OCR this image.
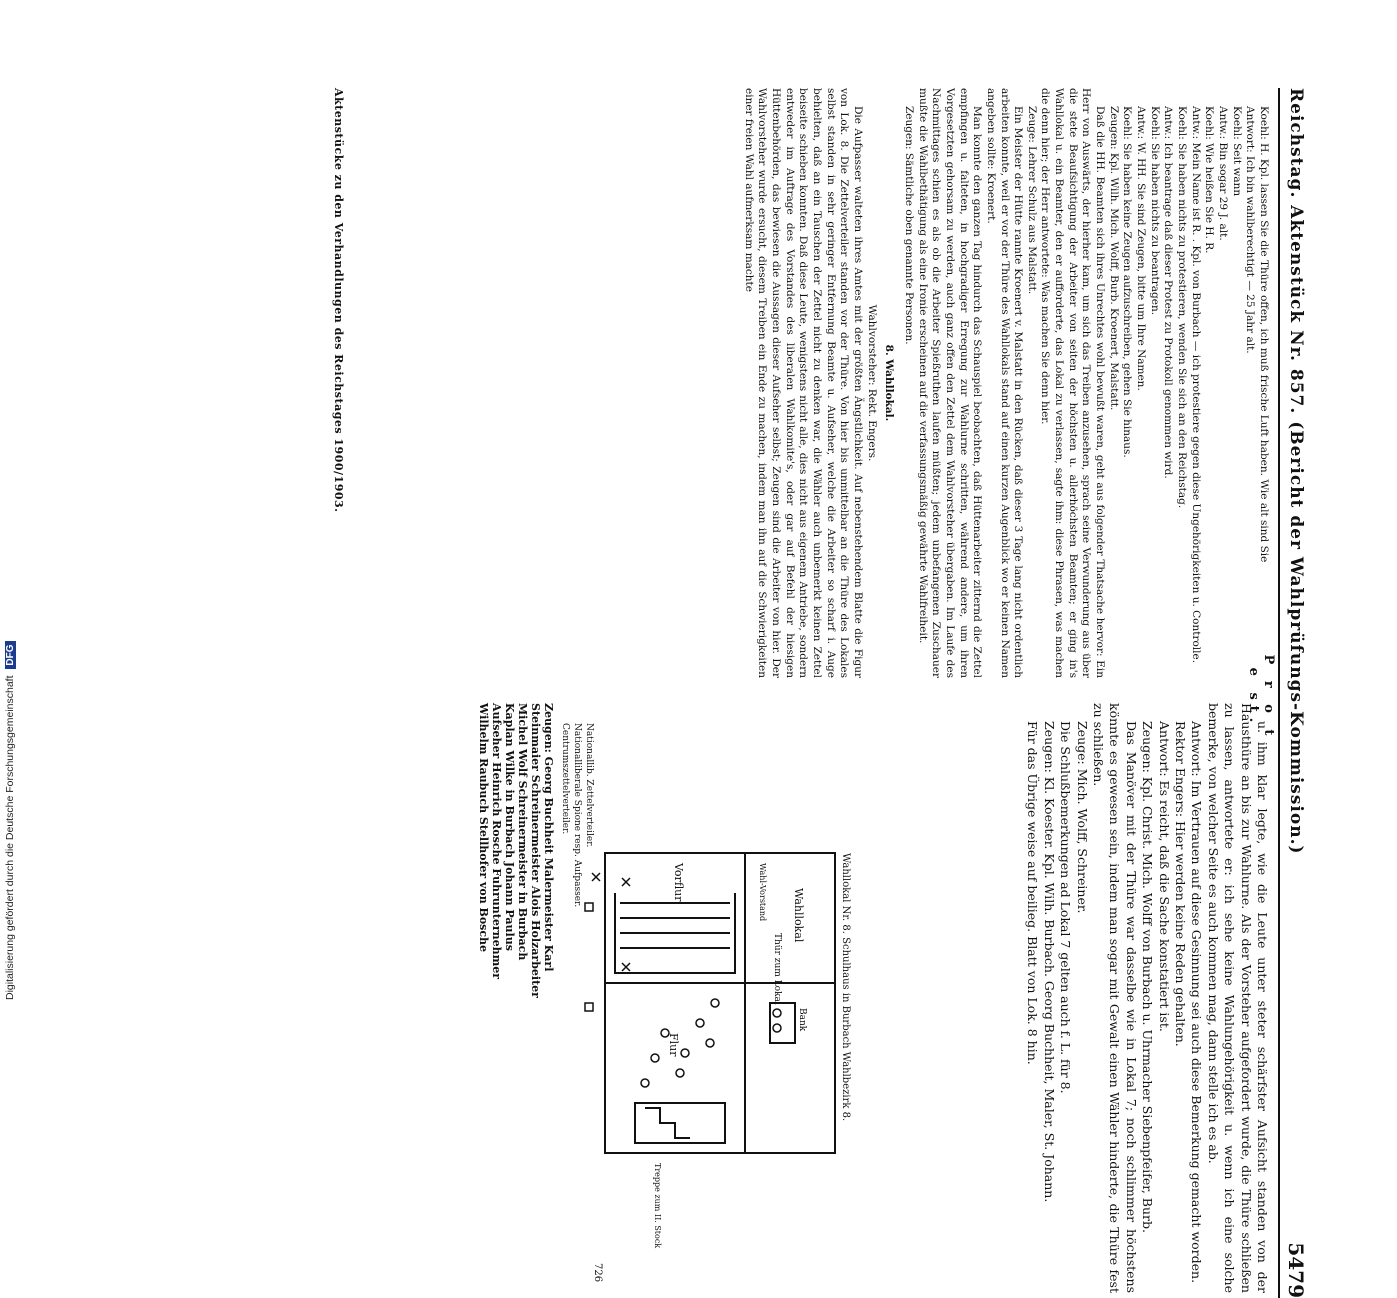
Reichstag. Aktenstück Nr. 857. (Bericht der Wahlprüfungs-Kommission.)
5479
P r o t e st.

Koehl: H. Kpl. lassen Sie die Thüre offen, ich muß frische Luft haben. Wie alt sind Sie

Antwort: Ich bin wahlberechtigt — 25 Jahr alt.

Koehl: Seit wann

Antw.: Bin sogar 29 J. alt.

Koehl: Wie heißen Sie H. R.

Antw.: Mein Name ist R. . Kpl. von Burbach — ich protestiere gegen diese Ungehörigkeiten u. Controlle.

Koehl: Sie haben nichts zu protestieren, wenden Sie sich an den Reichstag.

Antw.: Ich beantrage daß dieser Protest zu Protokoll genommen wird.

Koehl: Sie haben nichts zu beantragen.

Antw.: W. HH. Sie sind Zeugen, bitte um Ihre Namen.

Koehl: Sie haben keine Zeugen aufzuschreiben, gehen Sie hinaus.

Zeugen: Kpl. Wilh. Mich. Wolff, Burb. Kroenert, Malstatt.

Daß die HH. Beamten sich ihres Unrechtes wohl bewußt waren, geht aus folgender Thatsache hervor: Ein Herr von Auswärts, der hierher kam, um sich das Treiben anzusehen, sprach seine Verwunderung aus über die stete Beaufsichtigung der Arbeiter von seiten der höchsten u. allerhöchsten Beamten; er ging in's Wahllokal u. ein Beamter, den er aufforderte, das Lokal zu verlassen, sagte ihm: diese Phrasen, was machen die denn hier; der Herr antwortete: Was machen Sie denn hier.

Zeuge: Lehrer Schulz aus Malstatt.

Ein Meister der Hütte rannte Kroenert v. Malstatt in den Rücken, daß dieser 3 Tage lang nicht ordentlich arbeiten konnte, weil er vor der Thüre des Wahllokals stand auf einen kurzen Augenblick wo er keinen Namen angeben sollte: Kroenert.

Man konnte den ganzen Tag hindurch das Schauspiel beobachten, daß Hüttenarbeiter zitternd die Zettel empfingen u. falteten, in hochgradiger Erregung zur Wahlurne schritten, während andere, um ihren Vorgesetzten gehorsam zu werden, auch ganz offen den Zettel dem Wahlvorsteher übergaben. Im Laufe des Nachmittages schien es als ob die Arbeiter Spießruthen laufen müßten; jedem unbefangenen Zuschauer mußte die Wahlbethätigung als eine Ironie erscheinen auf die verfassungsmäßig gewährte Wahlfreiheit.

Zeugen: Sämtliche oben genannte Personen.

8. Wahllokal.

Wahlvorsteher: Rekt. Engers.

Die Aufpasser walteten ihres Amtes mit der größten Ängstlichkeit. Auf nebenstehendem Blatte die Figur von Lok. 8. Die Zettelverteiler standen vor der Thüre. Von hier bis unmittelbar an die Thüre des Lokales selbst standen in sehr geringer Entfernung Beamte u. Aufseher, welche die Arbeiter so scharf i. Auge behielten, daß an ein Tauschen der Zettel nicht zu denken war, die Wähler auch unbemerkt keinen Zettel beiseite schieben konnten. Daß diese Leute, wenigstens nicht alle, dies nicht aus eigenem Antriebe, sondern entweder im Auftrage des Vorstandes des liberalen Wahlkomite's, oder gar auf Befehl der hiesigen Hüttenbehörden, das bewiesen die Aussagen dieser Aufseher selbst; Zeugen sind die Arbeiter von hier. Der Wahlvorsteher wurde ersucht, diesem Treiben ein Ende zu machen, indem man ihn auf die Schwierigkeiten einer freien Wahl aufmerksam machte

u. ihm klar legte, wie die Leute unter steter schärfster Aufsicht standen von der Hausthüre an bis zur Wahlurne. Als der Vorsteher aufgefordert wurde, die Thüre schließen zu lassen, antwortete er: ich sehe keine Wahlungehörigkeit u. wenn ich eine solche bemerke, von welcher Seite es auch kommen mag, dann stelle ich es ab.

Antwort: Im Vertrauen auf diese Gesinnung sei auch diese Bemerkung gemacht worden.

Rektor Engers: Hier werden keine Reden gehalten.

Antwort: Es reicht, daß die Sache konstatiert ist.

Zeugen: Kpl. Christ. Mich. Wolff von Burbach u. Uhrmacher Siebenpfeifer, Burb.

Das Manöver mit der Thüre war dasselbe wie in Lokal 7; noch schlimmer höchstens könnte es gewesen sein, indem man sogar mit Gewalt einen Wähler hinderte, die Thüre fest zu schließen.

Zeuge: Mich. Wolff, Schreiner.

Die Schlußbemerkungen ad Lokal 7 gelten auch f. L. für 8.

Zeugen: Kl. Koester. Kpl. Wilh. Burbach. Georg Buchheit, Maler, St. Johann.

Für das Übrige weise auf beilieg. Blatt von Lok. 8 hin.

Wahllokal
Wahl-Vorstand
Thür zum Lokal
Bank
Vorflur
Flur
Treppe zum II. Stock
Nationallib. Zettelverteiler.
Nationalliberale Spione resp. Aufpasser.
Centrumszettelverteiler.
Zeugen: Georg Buchheit Malermeister Karl
Steinmaier Schreinermeister Alois Holzarbeiter
Michel Wolf Schreinermeister in Burbach
Kaplan Wilke in Burbach Johann Paulus
Aufseher Heinrich Rosche Fuhrunternehmer
Wilhelm Raubuch Stellhofer von Bosche
Wahllokal Nr. 8. Schulhaus in Burbach Wahlbezirk 8.
726
Aktenstücke zu den Verhandlungen des Reichstages 1900/1903.
Digitalisierung gefördert durch die Deutsche Forschungsgemeinschaft DFG
